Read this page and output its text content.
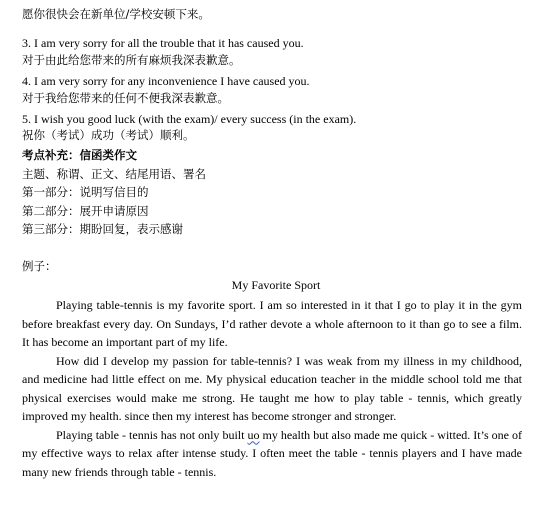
愿你很快会在新单位/学校安顿下来。
3. I am very sorry for all the trouble that it has caused you.
对于由此给您带来的所有麻烦我深表歉意。
4. I am very sorry for any inconvenience I have caused you.
对于我给您带来的任何不便我深表歉意。
5. I wish you good luck (with the exam)/ every success (in the exam).
祝你（考试）成功（考试）顺利。
考点补充：信函类作文
主题、称谓、正文、结尾用语、署名
第一部分：说明写信目的
第二部分：展开申请原因
第三部分：期盼回复，表示感谢
例子：
My Favorite Sport

Playing table-tennis is my favorite sport. I am so interested in it that I go to play it in the gym before breakfast every day. On Sundays, I’d rather devote a whole afternoon to it than go to see a film. It has become an important part of my life.

How did I develop my passion for table-tennis? I was weak from my illness in my childhood, and medicine had little effect on me. My physical education teacher in the middle school told me that physical exercises would make me strong. He taught me how to play table - tennis, which greatly improved my health. since then my interest has become stronger and stronger.

Playing table - tennis has not only built uo my health but also made me quick - witted. It’s one of my effective ways to relax after intense study. I often meet the table - tennis players and I have made many new friends through table - tennis.
